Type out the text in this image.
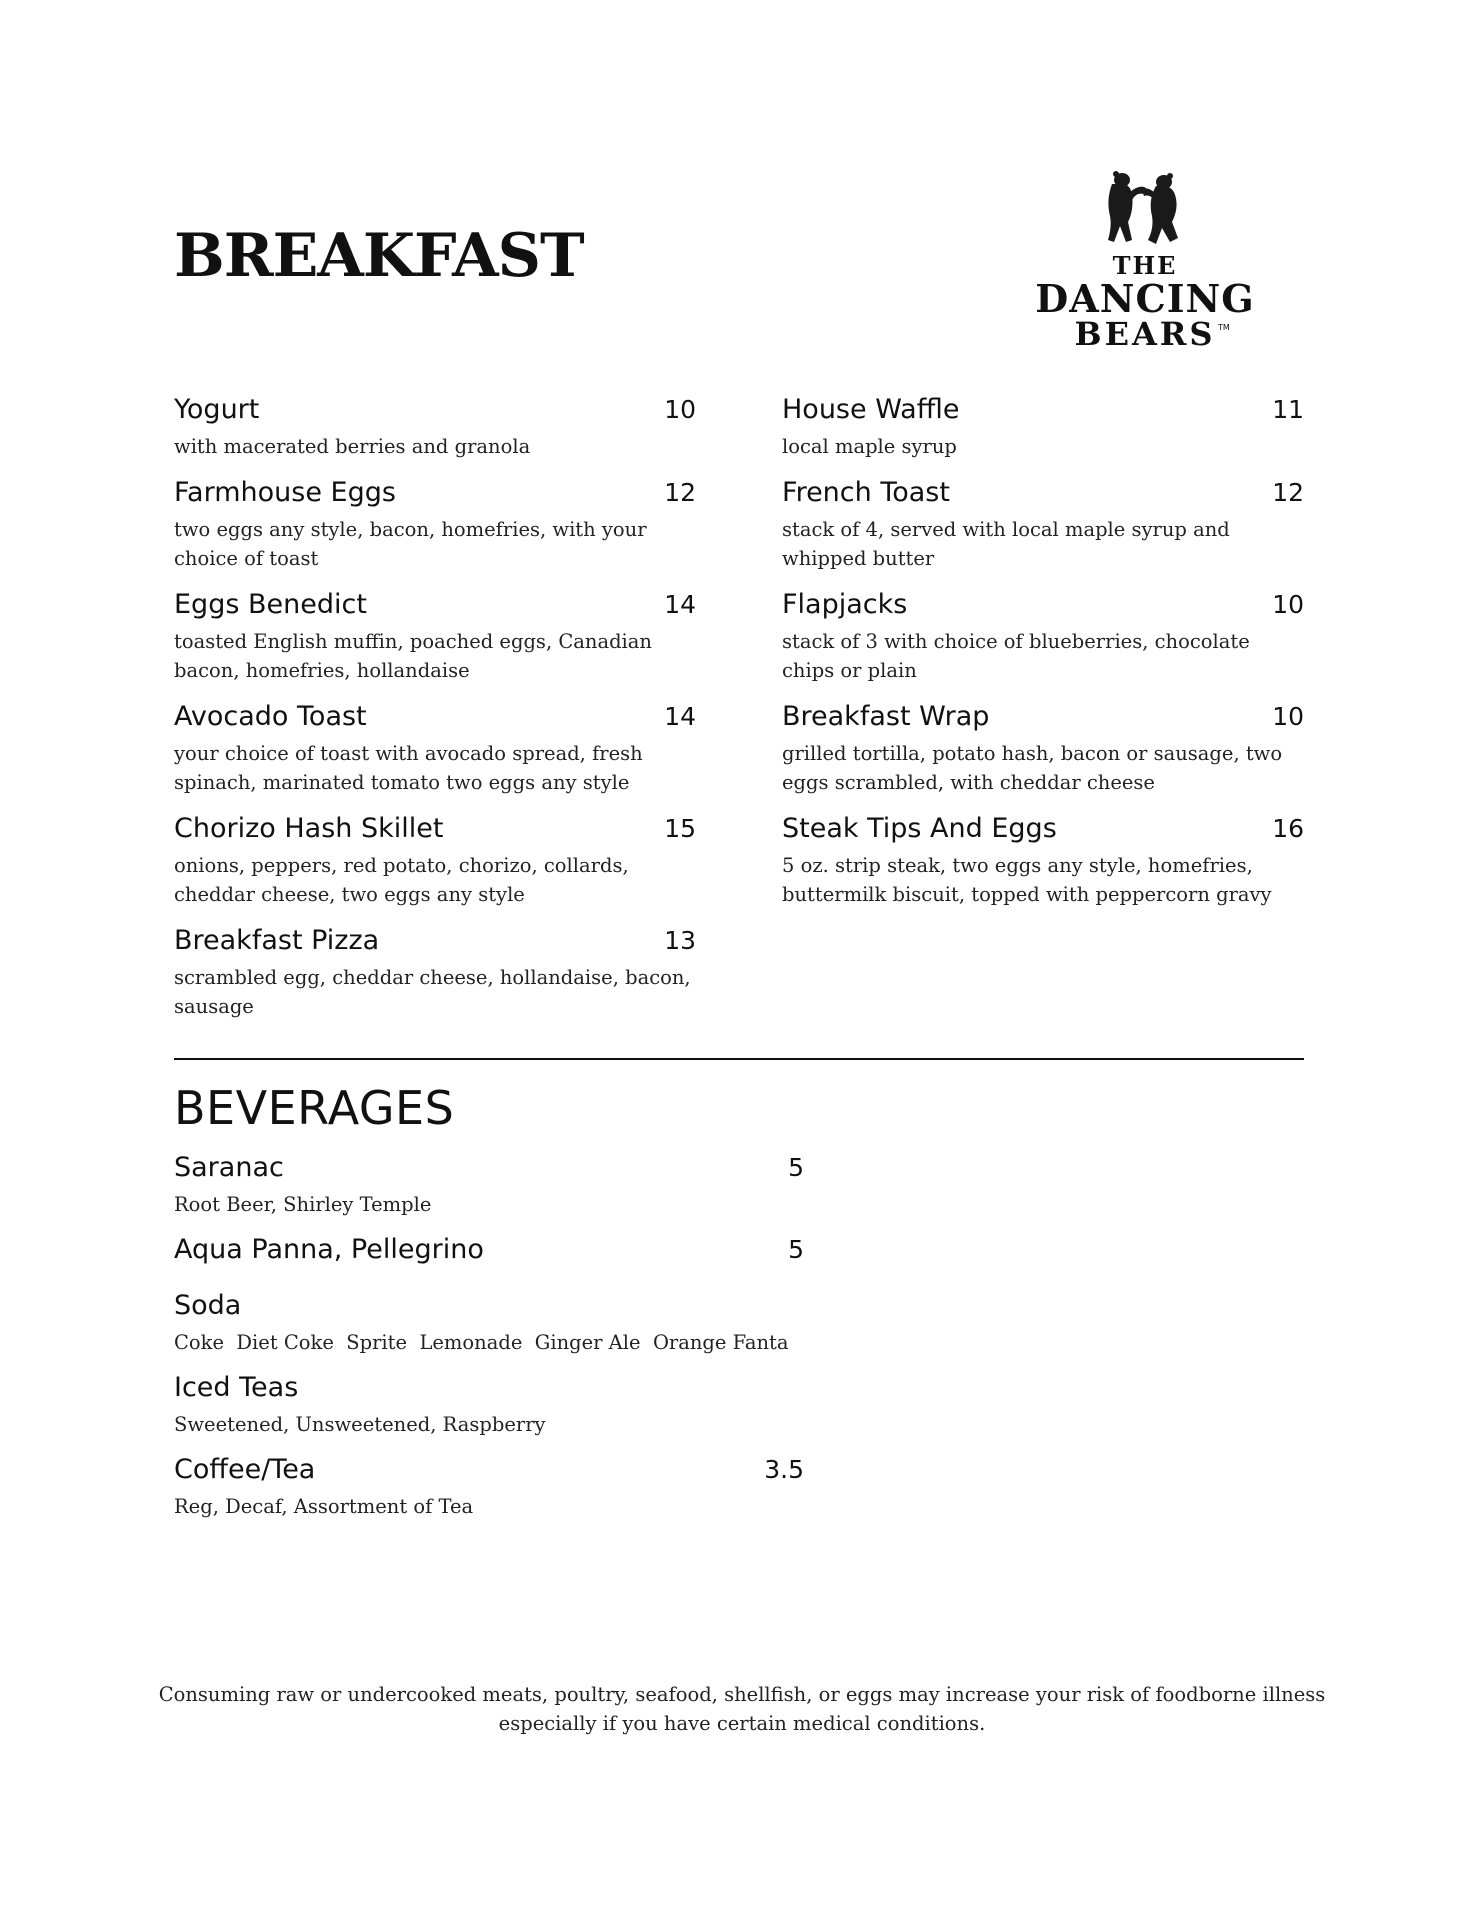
BREAKFAST	THE
DANCING
BEARS TM
Yogurt	10
with macerated berries and granola
Farmhouse Eggs	12
two eggs any style, bacon, homefries, with your choice of toast
Eggs Benedict	14
toasted English muffin, poached eggs, Canadian bacon, homefries, hollandaise
Avocado Toast	14
your choice of toast with avocado spread, fresh spinach, marinated tomato two eggs any style
Chorizo Hash Skillet	15
onions, peppers, red potato, chorizo, collards, cheddar cheese, two eggs any style
Breakfast Pizza	13
scrambled egg, cheddar cheese, hollandaise, bacon, sausage
House Waffle	11
local maple syrup
French Toast	12
stack of 4, served with local maple syrup and whipped butter
Flapjacks	10
stack of 3 with choice of blueberries, chocolate chips or plain
Breakfast Wrap	10
grilled tortilla, potato hash, bacon or sausage, two eggs scrambled, with cheddar cheese
Steak Tips And Eggs	16
5 oz. strip steak, two eggs any style, homefries, buttermilk biscuit, topped with peppercorn gravy
BEVERAGES
Saranac	5
Root Beer, Shirley Temple
Aqua Panna, Pellegrino	5
Soda
Coke  Diet Coke  Sprite  Lemonade  Ginger Ale  Orange Fanta
Iced Teas
Sweetened, Unsweetened, Raspberry
Coffee/Tea	3.5
Reg, Decaf, Assortment of Tea
Consuming raw or undercooked meats, poultry, seafood, shellfish, or eggs may increase your risk of foodborne illness
especially if you have certain medical conditions.
